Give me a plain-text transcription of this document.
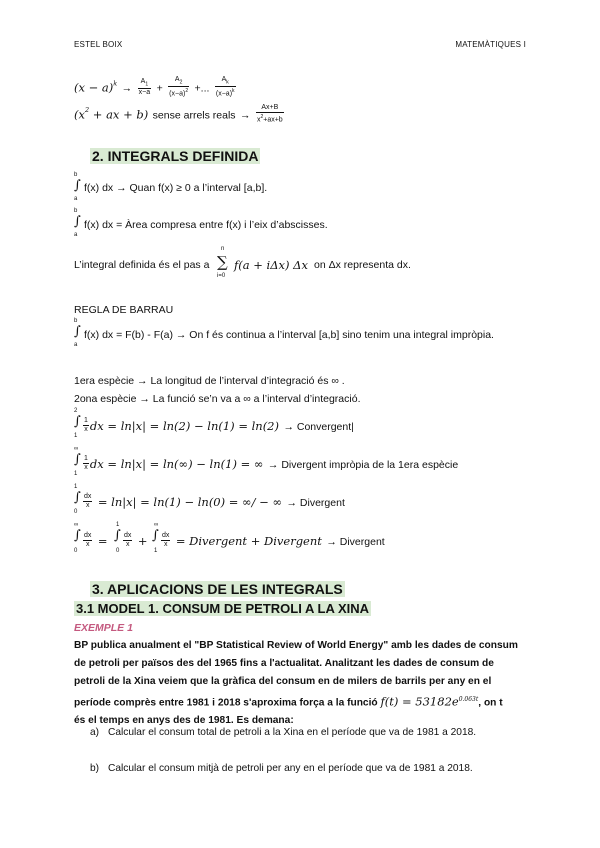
ESTEL BOIX	MATEMÀTIQUES I
$(x - a)^k \to \frac{A_1}{x-a} + \frac{A_2}{(x-a)^2}$ +... $\frac{A_k}{(x-a)^k}$
($x^2$ + ax + b) sense arrels reals → $\frac{Ax+B}{x^2+ax+b}$
2. INTEGRALS DEFINIDA
b
∫
a
f(x) dx → Quan f(x) ≥ 0 a l’interval [a,b].
b
∫
a
f(x) dx = Àrea compresa entre f(x) i l’eix d’abscisses.
L’integral definida és el pas a
n
∑
i=0
f(a + iΔx) Δx on Δx representa dx.
REGLA DE BARRAU
b
∫
a
f(x) dx = F(b) - F(a) → On f és continua a l’interval [a,b] sino tenim una integral impròpia.
1era espècie → La longitud de l’interval d’integració és ∞ .
2ona espècie → La funció se’n va a ∞ a l’interval d’integració.
2
∫
1
$\frac{1}{x}$ dx = ln|x| = ln(2) − ln(1) = ln(2) → Convergent|
∞
∫
1
$\frac{1}{x}$ dx = ln|x| = ln(∞) − ln(1) = ∞ → Divergent impròpia de la 1era espècie
1
∫
0
$\frac{dx}{x} = \ln|x| = \ln(1) - \ln(0)$ = ∞/ − ∞ → Divergent
∞
∫
0
$\frac{dx}{x}$ =
1
∫
0
$\frac{dx}{x}$ +
∞
∫
1
$\frac{dx}{x}$ = Divergent + Divergent → Divergent
3. APLICACIONS DE LES INTEGRALS
3.1 MODEL 1. CONSUM DE PETROLI A LA XINA
EXEMPLE 1
BP publica anualment el "BP Statistical Review of World Energy" amb les dades de consum
de petroli per països des del 1965 fins a l'actualitat. Analitzant les dades de consum de
petroli de la Xina veiem que la gràfica del consum en de milers de barrils per any en el
període comprès entre 1981 i 2018 s'aproxima força a la funció $f(t) = 53182e^{0.063t}$, on t
és el temps en anys des de 1981. Es demana:
a) Calcular el consum total de petroli a la Xina en el període que va de 1981 a 2018.
b) Calcular el consum mitjà de petroli per any en el període que va de 1981 a 2018.
